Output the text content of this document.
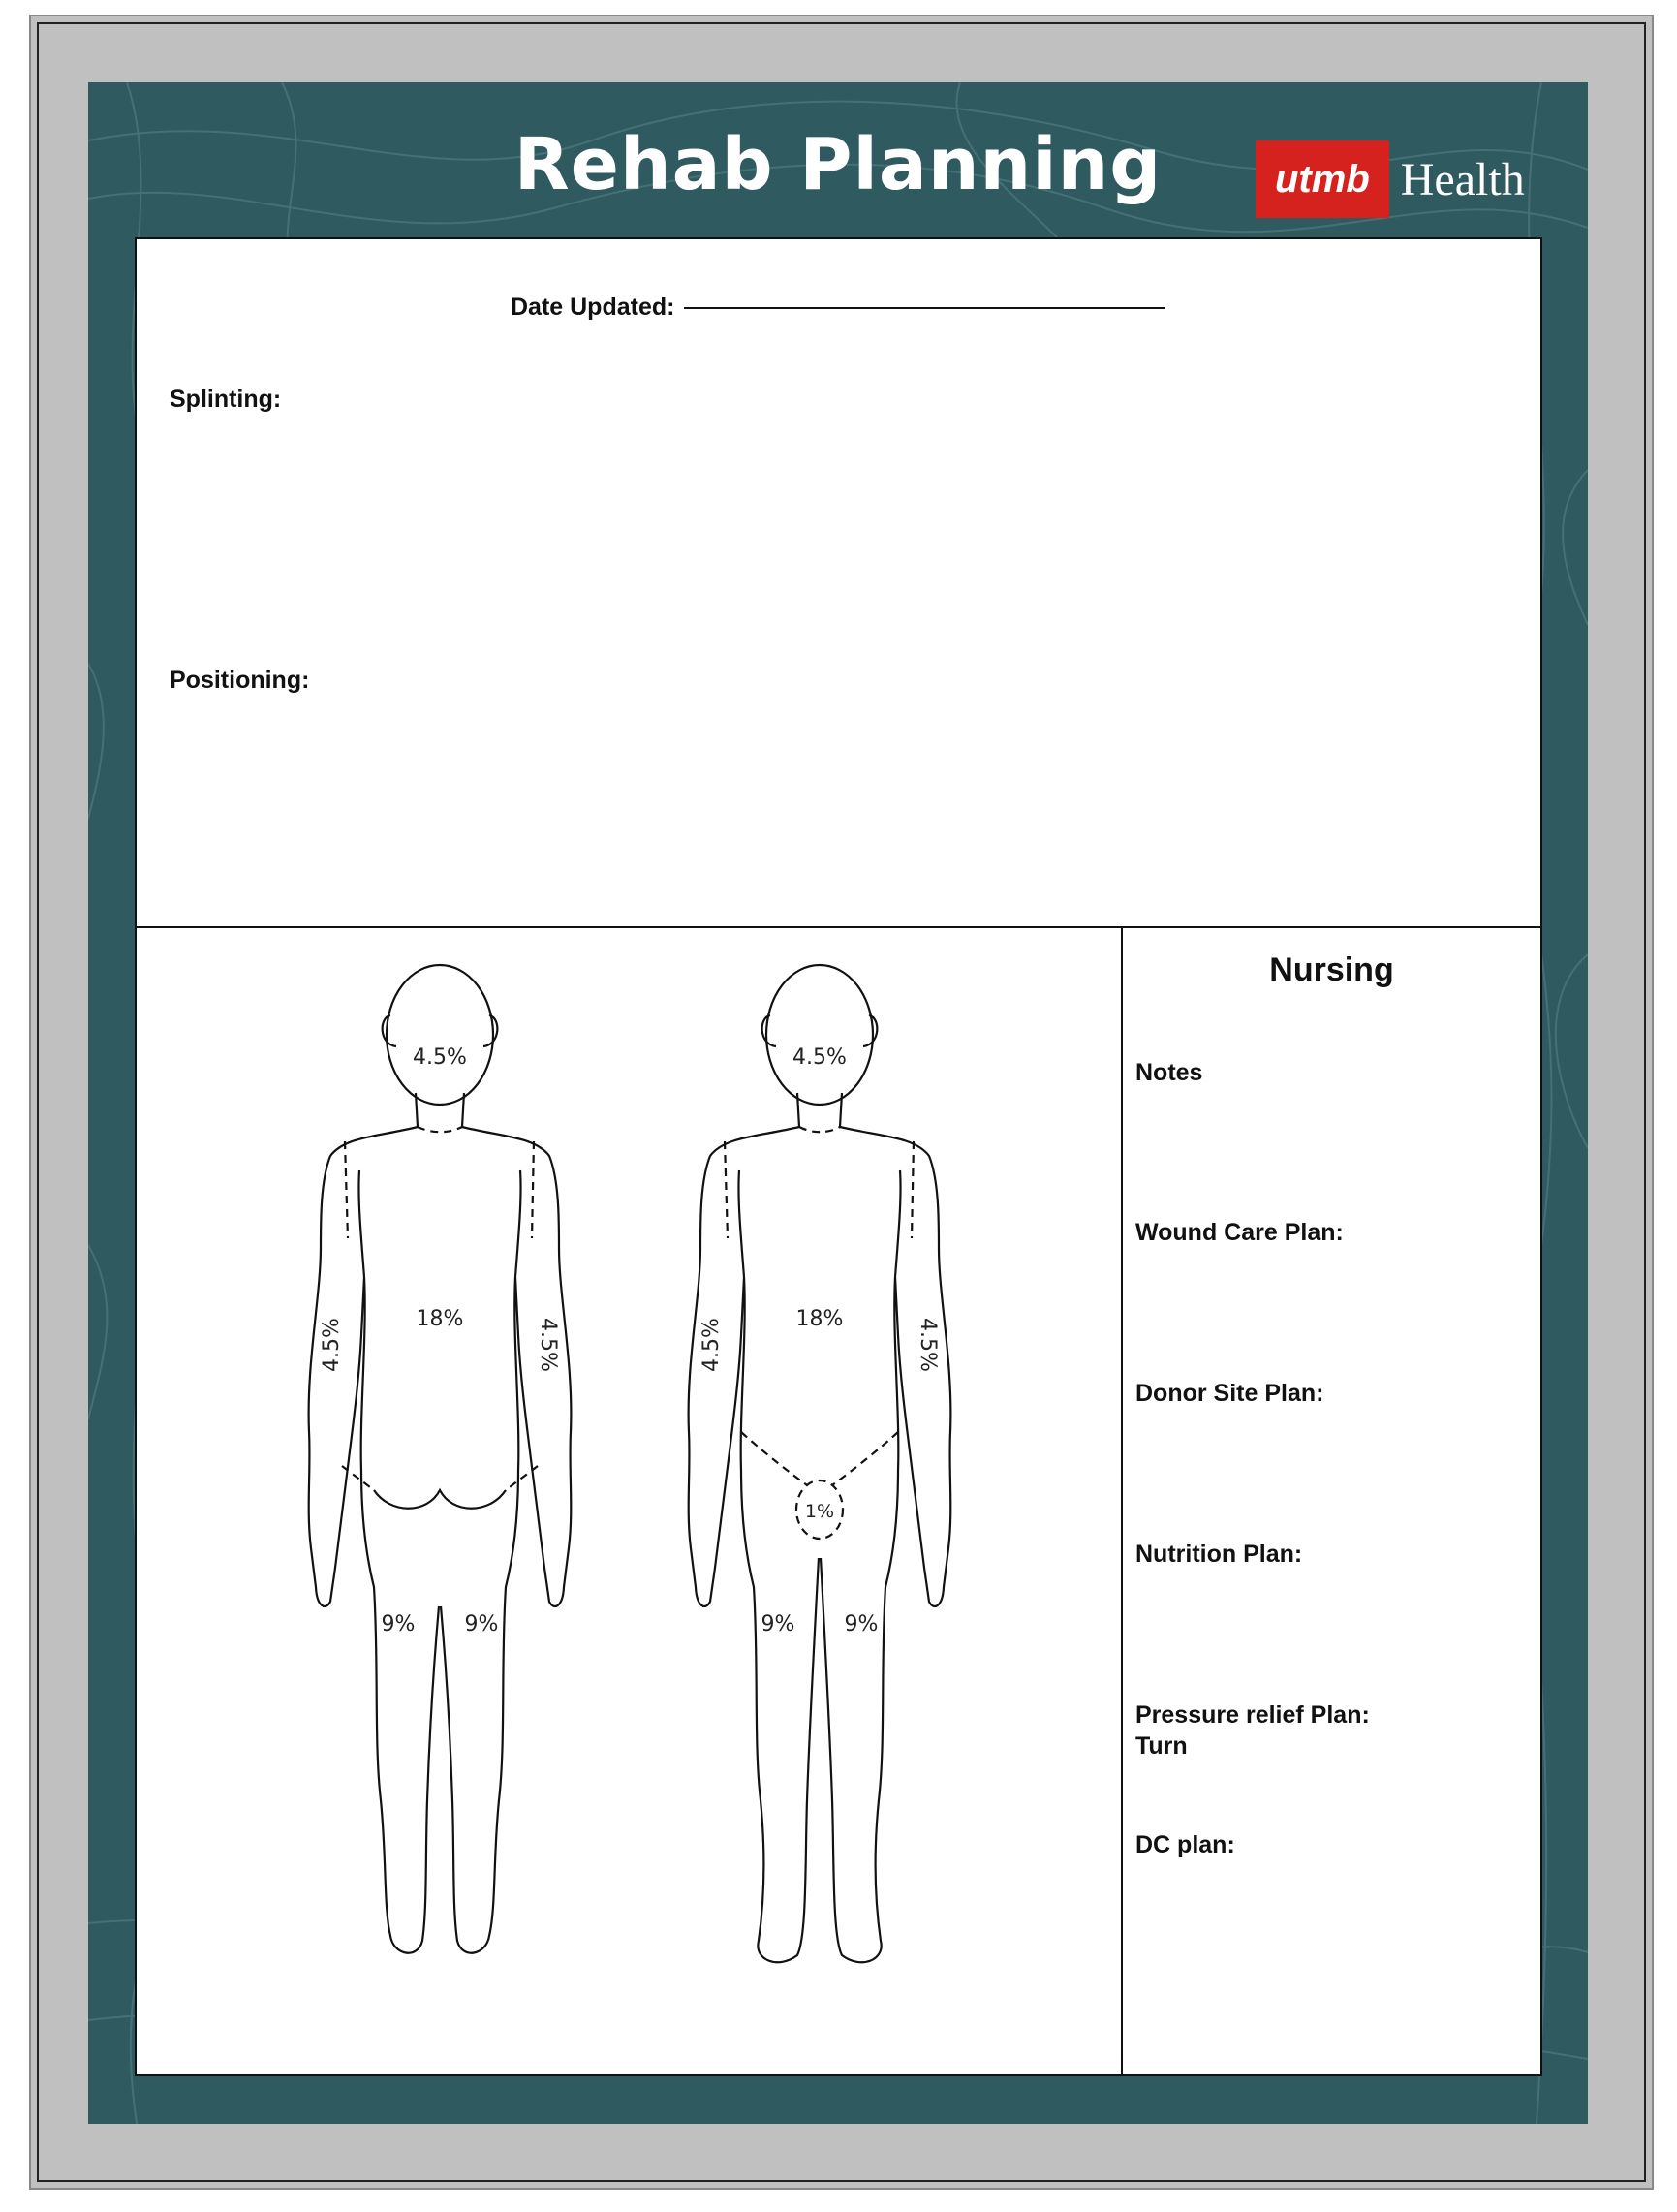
Rehab Planning	utmb Health
Date Updated:
Splinting:
Positioning:
4.5%
18%
4.5%	4.5%
9% 9%
4.5%
18%
4.5%	4.5%
1%
9% 9%
Nursing
Notes
Wound Care Plan:
Donor Site Plan:
Nutrition Plan:
Pressure relief Plan:
Turn
DC plan:
